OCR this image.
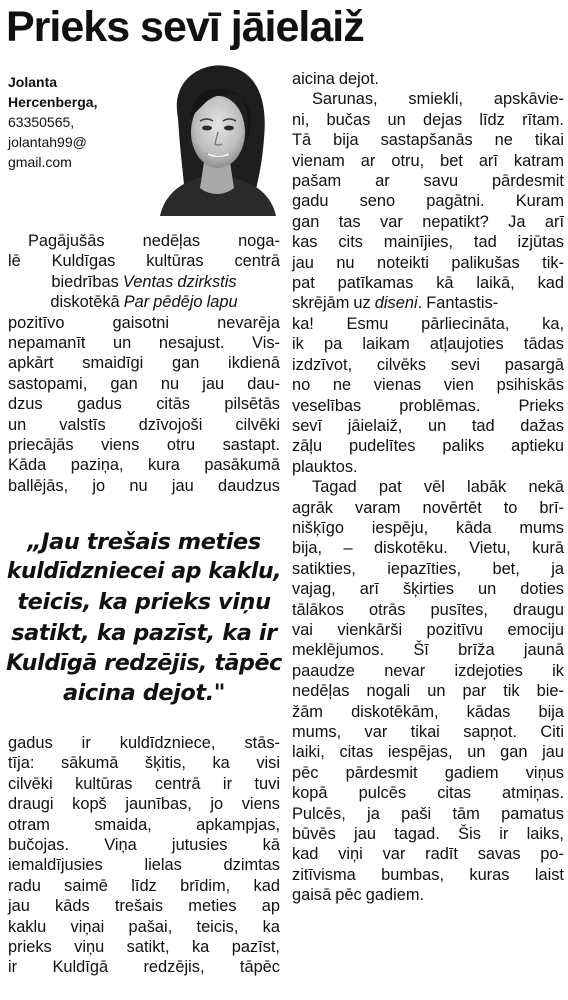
Prieks sevī jāielaiž
Jolanta
Hercenberga,
63350565,
jolantah99@
gmail.com
Pagājušās nedēļas noga-
lē Kuldīgas kultūras centrā
biedrības Ventas dzirkstis
diskotēkā Par pēdējo lapu
pozitīvo gaisotni nevarēja
nepamanīt un nesajust. Vis-
apkārt smaidīgi gan ikdienā
sastopami, gan nu jau dau-
dzus gadus citās pilsētās
un valstīs dzīvojoši cilvēki
priecājās viens otru sastapt.
Kāda paziņa, kura pasākumā
ballējās, jo nu jau daudzus
„Jau trešais meties
kuldīdzniecei ap kaklu,
teicis, ka prieks viņu
satikt, ka pazīst, ka ir
Kuldīgā redzējis, tāpēc
aicina dejot."
gadus ir kuldīdzniece, stās-
tīja: sākumā šķitis, ka visi
cilvēki kultūras centrā ir tuvi
draugi kopš jaunības, jo viens
otram smaida, apkampjas,
bučojas. Viņa jutusies kā
iemaldījusies lielas dzimtas
radu saimē līdz brīdim, kad
jau kāds trešais meties ap
kaklu viņai pašai, teicis, ka
prieks viņu satikt, ka pazīst,
ir Kuldīgā redzējis, tāpēc
aicina dejot.
Sarunas, smiekli, apskāvie-
ni, bučas un dejas līdz rītam.
Tā bija sastapšanās ne tikai
vienam ar otru, bet arī katram
pašam ar savu pārdesmit
gadu seno pagātni. Kuram
gan tas var nepatikt? Ja arī
kas cits mainījies, tad izjūtas
jau nu noteikti palikušas tik-
pat patīkamas kā laikā, kad
skrējām uz diseni. Fantastis-
ka! Esmu pārliecināta, ka,
ik pa laikam atļaujoties tādas
izdzīvot, cilvēks sevi pasargā
no ne vienas vien psihiskās
veselības problēmas. Prieks
sevī jāielaiž, un tad dažas
zāļu pudelītes paliks aptieku
plauktos.
Tagad pat vēl labāk nekā
agrāk varam novērtēt to brī-
nišķīgo iespēju, kāda mums
bija, – diskotēku. Vietu, kurā
satikties, iepazīties, bet, ja
vajag, arī šķirties un doties
tālākos otrās pusītes, draugu
vai vienkārši pozitīvu emociju
meklējumos. Šī brīža jaunā
paaudze nevar izdejoties ik
nedēļas nogali un par tik bie-
žām diskotēkām, kādas bija
mums, var tikai sapņot. Citi
laiki, citas iespējas, un gan jau
pēc pārdesmit gadiem viņus
kopā pulcēs citas atmiņas.
Pulcēs, ja paši tām pamatus
būvēs jau tagad. Šis ir laiks,
kad viņi var radīt savas po-
zitīvisma bumbas, kuras laist
gaisā pēc gadiem.
